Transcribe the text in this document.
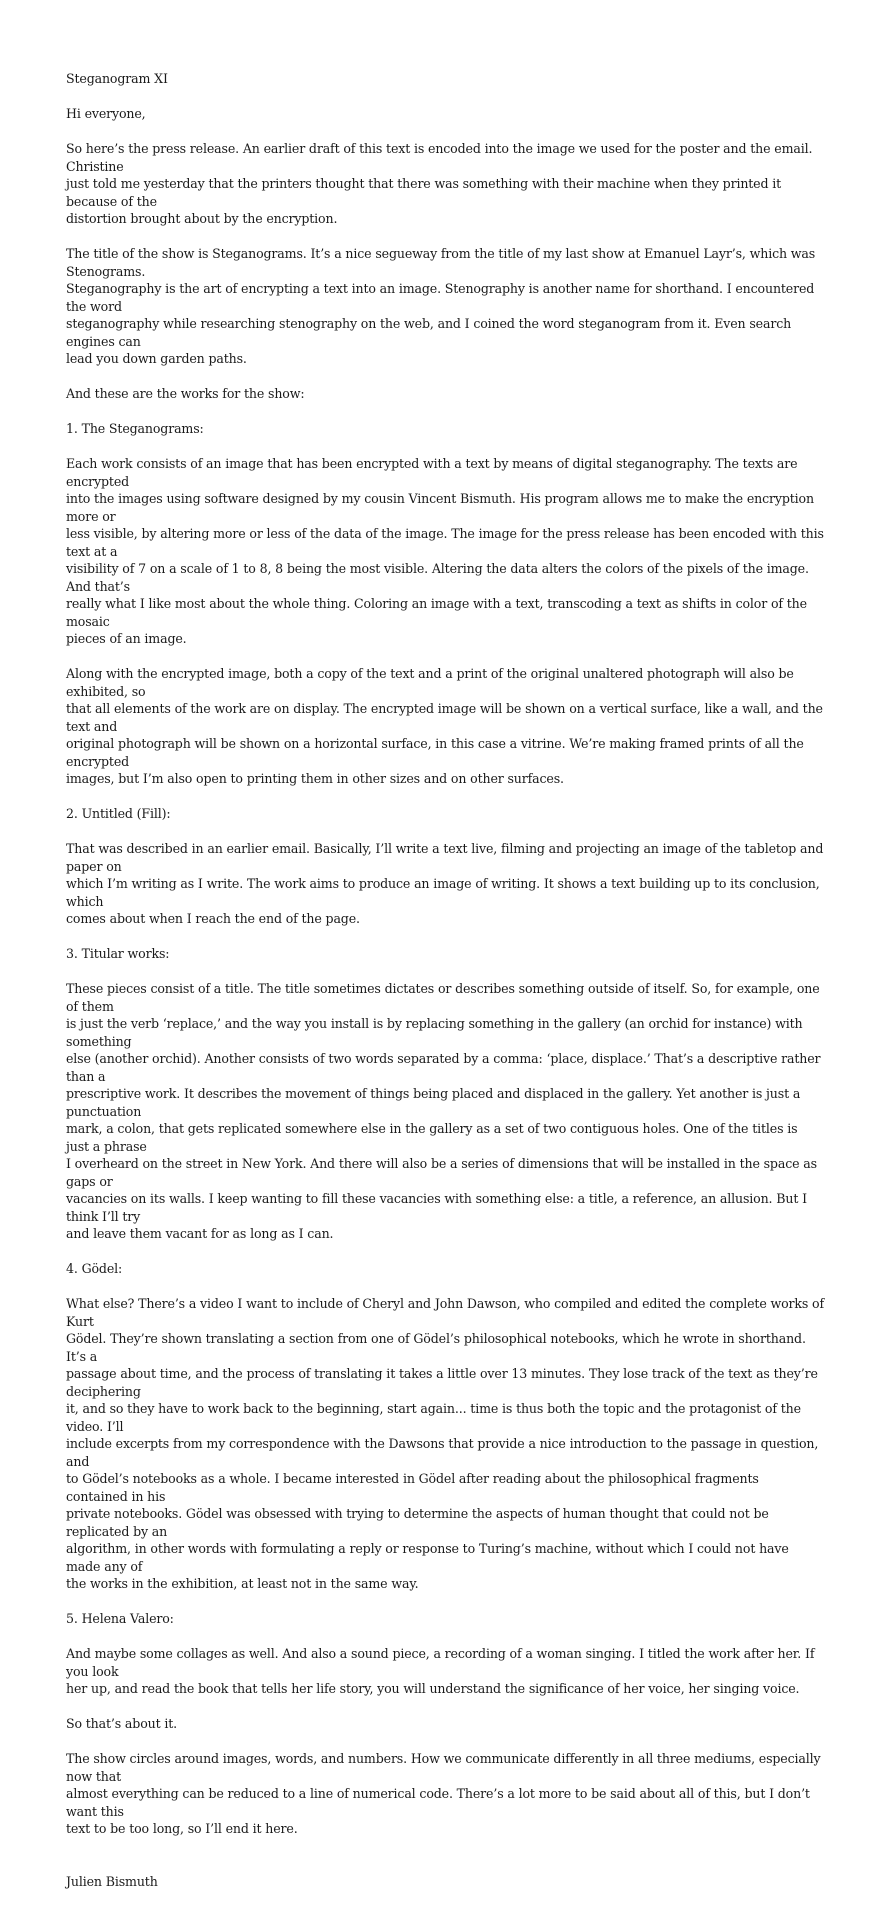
Steganogram XI

Hi everyone,

So here’s the press release. An earlier draft of this text is encoded into the image we used for the poster and the email. Christine
just told me yesterday that the printers thought that there was something with their machine when they printed it because of the
distortion brought about by the encryption.

The title of the show is Steganograms. It’s a nice segueway from the title of my last show at Emanuel Layr’s, which was Stenograms.
Steganography is the art of encrypting a text into an image. Stenography is another name for shorthand. I encountered the word
steganography while researching stenography on the web, and I coined the word steganogram from it. Even search engines can
lead you down garden paths.

And these are the works for the show:

1. The Steganograms:

Each work consists of an image that has been encrypted with a text by means of digital steganography. The texts are encrypted
into the images using software designed by my cousin Vincent Bismuth. His program allows me to make the encryption more or
less visible, by altering more or less of the data of the image. The image for the press release has been encoded with this text at a
visibility of 7 on a scale of 1 to 8, 8 being the most visible. Altering the data alters the colors of the pixels of the image. And that’s
really what I like most about the whole thing. Coloring an image with a text, transcoding a text as shifts in color of the mosaic
pieces of an image.

Along with the encrypted image, both a copy of the text and a print of the original unaltered photograph will also be exhibited, so
that all elements of the work are on display. The encrypted image will be shown on a vertical surface, like a wall, and the text and
original photograph will be shown on a horizontal surface, in this case a vitrine. We’re making framed prints of all the encrypted
images, but I’m also open to printing them in other sizes and on other surfaces.

2. Untitled (Fill):

That was described in an earlier email. Basically, I’ll write a text live, filming and projecting an image of the tabletop and paper on
which I’m writing as I write. The work aims to produce an image of writing. It shows a text building up to its conclusion, which
comes about when I reach the end of the page.

3. Titular works:

These pieces consist of a title. The title sometimes dictates or describes something outside of itself. So, for example, one of them
is just the verb ‘replace,’ and the way you install is by replacing something in the gallery (an orchid for instance) with something
else (another orchid). Another consists of two words separated by a comma: ‘place, displace.’ That’s a descriptive rather than a
prescriptive work. It describes the movement of things being placed and displaced in the gallery. Yet another is just a punctuation
mark, a colon, that gets replicated somewhere else in the gallery as a set of two contiguous holes. One of the titles is just a phrase
I overheard on the street in New York. And there will also be a series of dimensions that will be installed in the space as gaps or
vacancies on its walls. I keep wanting to fill these vacancies with something else: a title, a reference, an allusion. But I think I’ll try
and leave them vacant for as long as I can.

4. Gödel:

What else? There’s a video I want to include of Cheryl and John Dawson, who compiled and edited the complete works of Kurt
Gödel. They’re shown translating a section from one of Gödel’s philosophical notebooks, which he wrote in shorthand. It’s a
passage about time, and the process of translating it takes a little over 13 minutes. They lose track of the text as they’re deciphering
it, and so they have to work back to the beginning, start again... time is thus both the topic and the protagonist of the video. I’ll
include excerpts from my correspondence with the Dawsons that provide a nice introduction to the passage in question, and
to Gödel’s notebooks as a whole. I became interested in Gödel after reading about the philosophical fragments contained in his
private notebooks. Gödel was obsessed with trying to determine the aspects of human thought that could not be replicated by an
algorithm, in other words with formulating a reply or response to Turing’s machine, without which I could not have made any of
the works in the exhibition, at least not in the same way.

5. Helena Valero:

And maybe some collages as well. And also a sound piece, a recording of a woman singing. I titled the work after her. If you look
her up, and read the book that tells her life story, you will understand the significance of her voice, her singing voice.

So that’s about it.

The show circles around images, words, and numbers. How we communicate differently in all three mediums, especially now that
almost everything can be reduced to a line of numerical code. There’s a lot more to be said about all of this, but I don’t want this
text to be too long, so I’ll end it here.

Julien Bismuth
